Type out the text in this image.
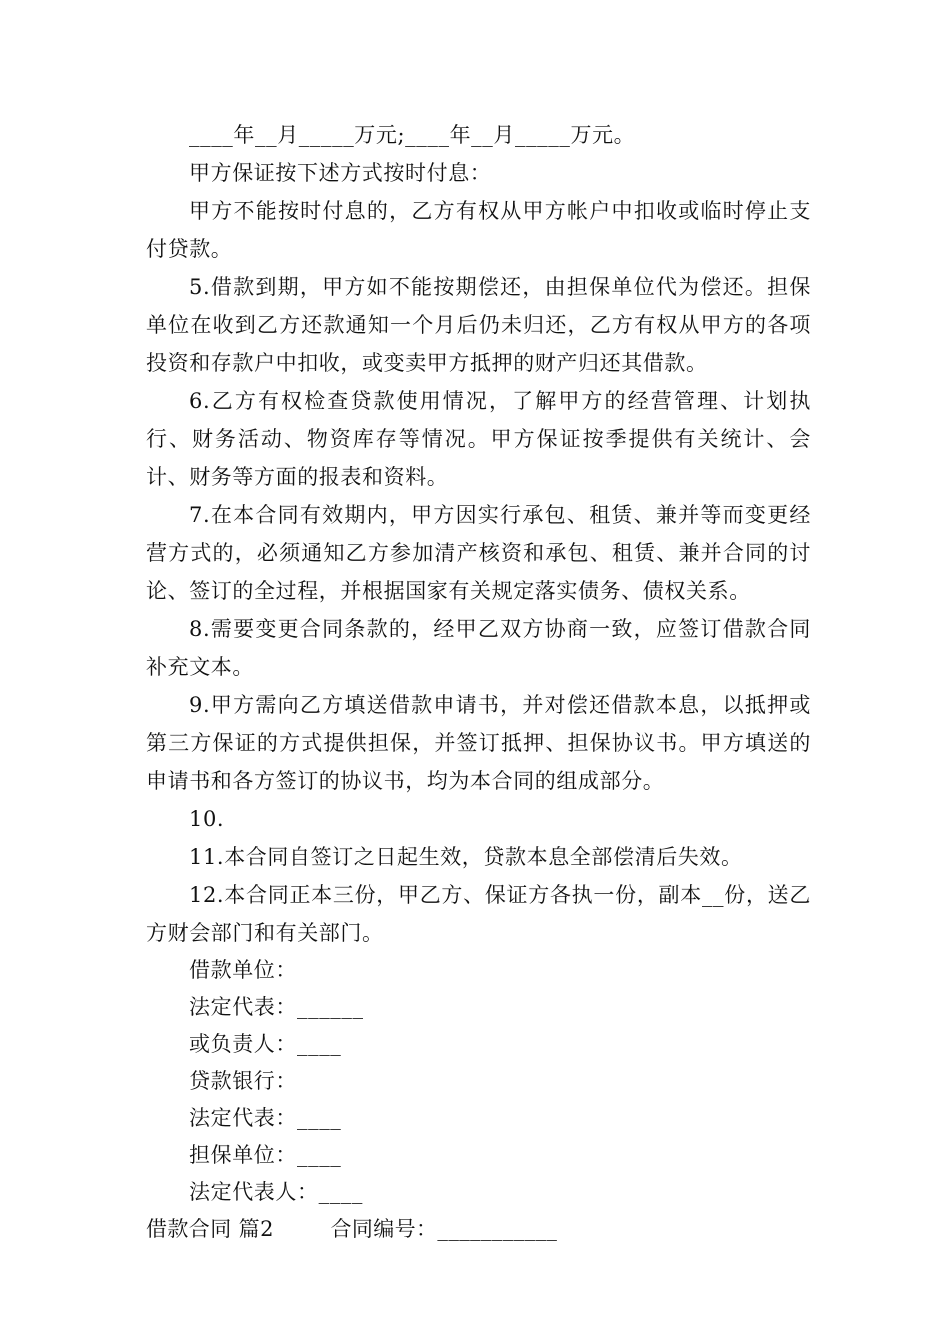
____年__月_____万元;____年__月_____万元。

甲方保证按下述方式按时付息：

甲方不能按时付息的，乙方有权从甲方帐户中扣收或临时停止支付贷款。

5.借款到期，甲方如不能按期偿还，由担保单位代为偿还。担保单位在收到乙方还款通知一个月后仍未归还，乙方有权从甲方的各项投资和存款户中扣收，或变卖甲方抵押的财产归还其借款。

6.乙方有权检查贷款使用情况，了解甲方的经营管理、计划执行、财务活动、物资库存等情况。甲方保证按季提供有关统计、会计、财务等方面的报表和资料。

7.在本合同有效期内，甲方因实行承包、租赁、兼并等而变更经营方式的，必须通知乙方参加清产核资和承包、租赁、兼并合同的讨论、签订的全过程，并根据国家有关规定落实债务、债权关系。

8.需要变更合同条款的，经甲乙双方协商一致，应签订借款合同补充文本。

9.甲方需向乙方填送借款申请书，并对偿还借款本息，以抵押或第三方保证的方式提供担保，并签订抵押、担保协议书。甲方填送的申请书和各方签订的协议书，均为本合同的组成部分。

10.

11.本合同自签订之日起生效，贷款本息全部偿清后失效。

12.本合同正本三份，甲乙方、保证方各执一份，副本__份，送乙方财会部门和有关部门。

借款单位：

法定代表：______

或负责人：____

贷款银行：

法定代表：____

担保单位：____

法定代表人：____

借款合同 篇2        合同编号：___________
